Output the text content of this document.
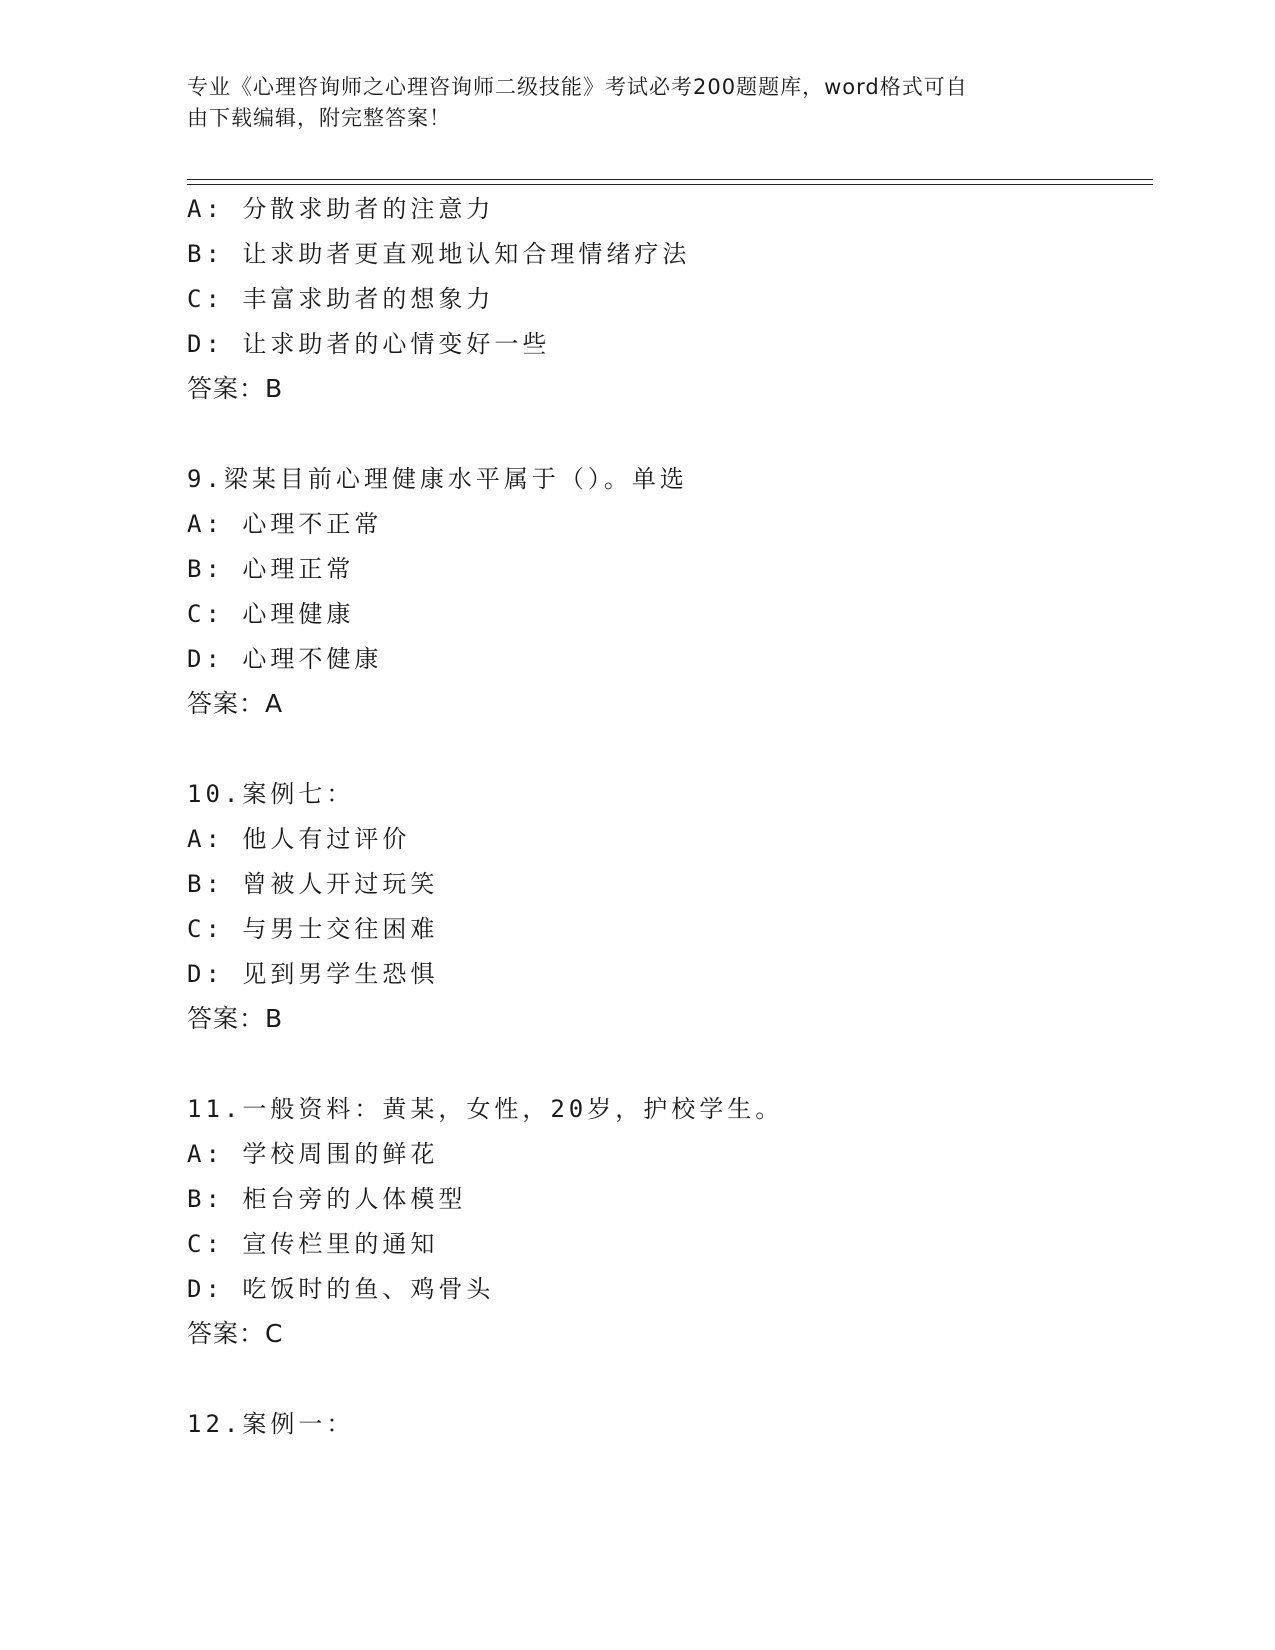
专业《心理咨询师之心理咨询师二级技能》考试必考200题题库，word格式可自
由下载编辑，附完整答案！
A: 分散求助者的注意力
B: 让求助者更直观地认知合理情绪疗法
C: 丰富求助者的想象力
D: 让求助者的心情变好一些
答案：B
9.梁某目前心理健康水平属于（）。单选
A: 心理不正常
B: 心理正常
C: 心理健康
D: 心理不健康
答案：A
10.案例七：
A: 他人有过评价
B: 曾被人开过玩笑
C: 与男士交往困难
D: 见到男学生恐惧
答案：B
11.一般资料：黄某，女性，20岁，护校学生。
A: 学校周围的鲜花
B: 柜台旁的人体模型
C: 宣传栏里的通知
D: 吃饭时的鱼、鸡骨头
答案：C
12.案例一：
